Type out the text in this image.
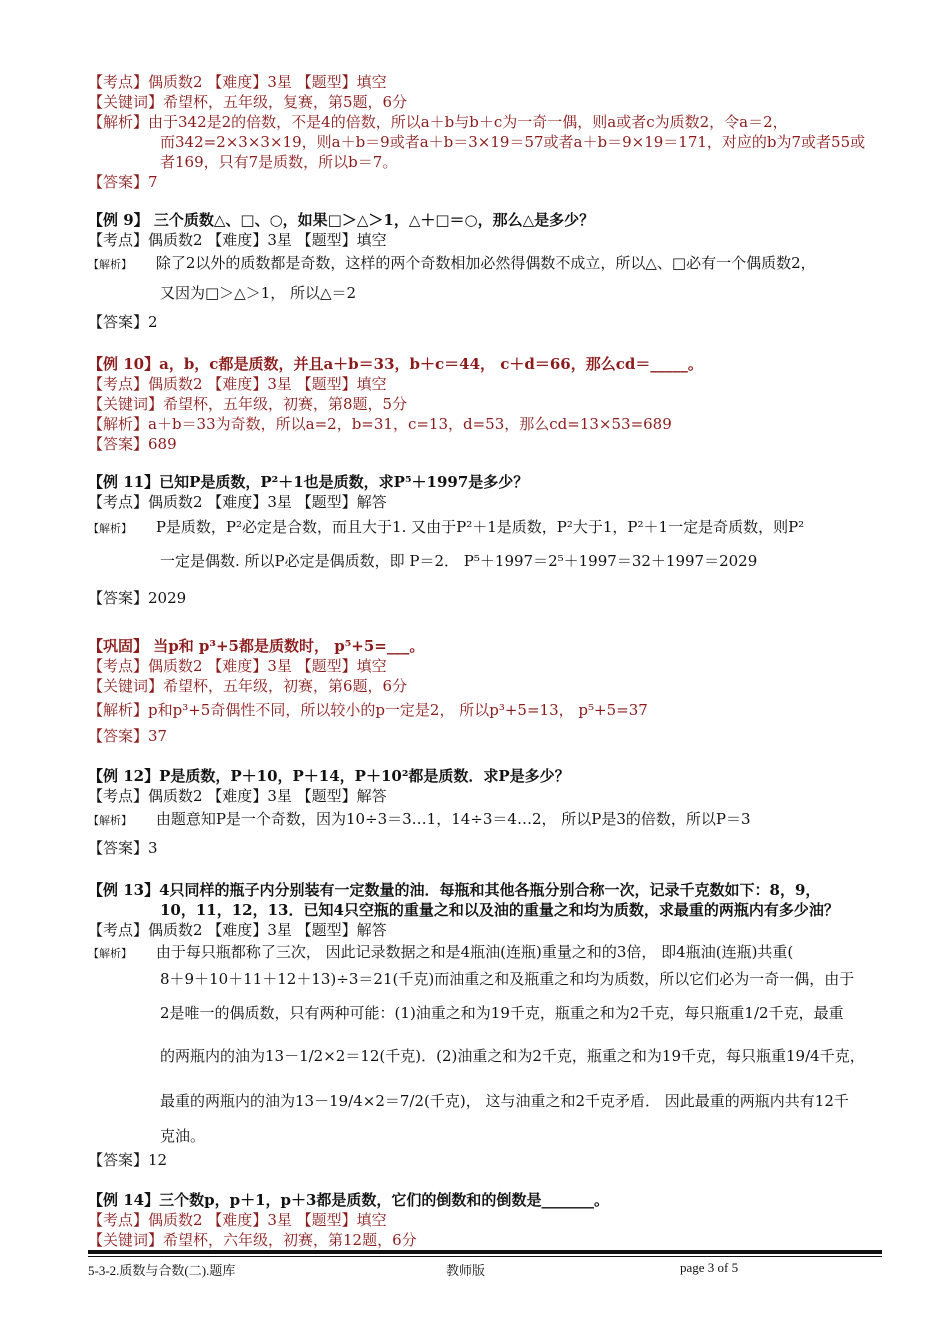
【考点】偶质数2 【难度】3星 【题型】填空
【关键词】希望杯，五年级，复赛，第5题，6分
【解析】由于342是2的倍数，不是4的倍数，所以a＋b与b＋c为一奇一偶，则a或者c为质数2，令a＝2，
而342=2×3×3×19，则a＋b＝9或者a＋b＝3×19＝57或者a＋b＝9×19＝171，对应的b为7或者55或
者169，只有7是质数，所以b＝7。
【答案】7
【例 9】 三个质数△、□、○，如果□＞△＞1，△＋□＝○，那么△是多少？
【考点】偶质数2 【难度】3星 【题型】填空
【解析】 除了2以外的质数都是奇数，这样的两个奇数相加必然得偶数不成立，所以△、□必有一个偶质数2，
又因为□＞△＞1， 所以△＝2
【答案】2
【例 10】a，b，c都是质数，并且a＋b＝33，b＋c＝44， c＋d＝66，那么cd＝_____。
【考点】偶质数2 【难度】3星 【题型】填空
【关键词】希望杯，五年级，初赛，第8题，5分
【解析】a＋b＝33为奇数，所以a=2，b=31，c=13，d=53，那么cd=13×53=689
【答案】689
【例 11】已知P是质数，P²＋1也是质数，求P⁵＋1997是多少？
【考点】偶质数2 【难度】3星 【题型】解答
【解析】 P是质数，P²必定是合数，而且大于1. 又由于P²＋1是质数，P²大于1，P²＋1一定是奇质数，则P²
一定是偶数. 所以P必定是偶质数，即 P＝2． P⁵＋1997＝2⁵＋1997＝32＋1997＝2029
【答案】2029
【巩固】 当p和 p³+5都是质数时， p⁵+5=___。
【考点】偶质数2 【难度】3星 【题型】填空
【关键词】希望杯，五年级，初赛，第6题，6分
【解析】p和p³+5奇偶性不同，所以较小的p一定是2， 所以p³+5=13， p⁵+5=37
【答案】37
【例 12】P是质数，P＋10，P＋14，P＋10²都是质数．求P是多少？
【考点】偶质数2 【难度】3星 【题型】解答
【解析】 由题意知P是一个奇数，因为10÷3＝3…1，14÷3＝4…2， 所以P是3的倍数，所以P＝3
【答案】3
【例 13】4只同样的瓶子内分别装有一定数量的油．每瓶和其他各瓶分别合称一次，记录千克数如下：8，9，
10，11，12，13．已知4只空瓶的重量之和以及油的重量之和均为质数，求最重的两瓶内有多少油？
【考点】偶质数2 【难度】3星 【题型】解答
【解析】 由于每只瓶都称了三次， 因此记录数据之和是4瓶油(连瓶)重量之和的3倍， 即4瓶油(连瓶)共重(
8＋9＋10＋11＋12＋13)÷3＝21(千克)而油重之和及瓶重之和均为质数，所以它们必为一奇一偶，由于
2是唯一的偶质数，只有两种可能：(1)油重之和为19千克，瓶重之和为2千克，每只瓶重1/2千克，最重
的两瓶内的油为13－1/2×2＝12(千克)．(2)油重之和为2千克，瓶重之和为19千克，每只瓶重19/4千克，
最重的两瓶内的油为13－19/4×2＝7/2(千克)， 这与油重之和2千克矛盾． 因此最重的两瓶内共有12千
克油。
【答案】12
【例 14】三个数p，p＋1，p＋3都是质数，它们的倒数和的倒数是_______。
【考点】偶质数2 【难度】3星 【题型】填空
【关键词】希望杯，六年级，初赛，第12题，6分
5-3-2.质数与合数(二).题库	教师版	page 3 of 5
